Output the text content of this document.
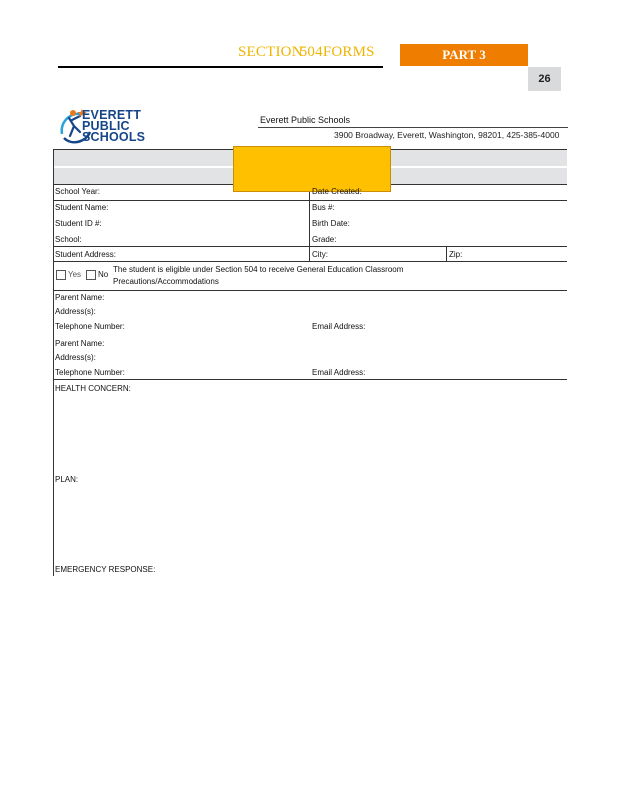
SECTION504FORMS	PART 3
26
EVERETT
PUBLIC
SCHOOLS
Everett Public Schools
3900 Broadway, Everett, Washington, 98201, 425-385-4000
School Year:	Date Created:
Student Name:	Bus #:
Student ID #:	Birth Date:
School:	Grade:
Student Address:	City:	Zip:
Yes No
The student is eligible under Section 504 to receive General Education Classroom
Precautions/Accommodations
Parent Name:
Address(s):
Telephone Number:	Email Address:
Parent Name:
Address(s):
Telephone Number:	Email Address:
HEALTH CONCERN:
PLAN:
EMERGENCY RESPONSE:
